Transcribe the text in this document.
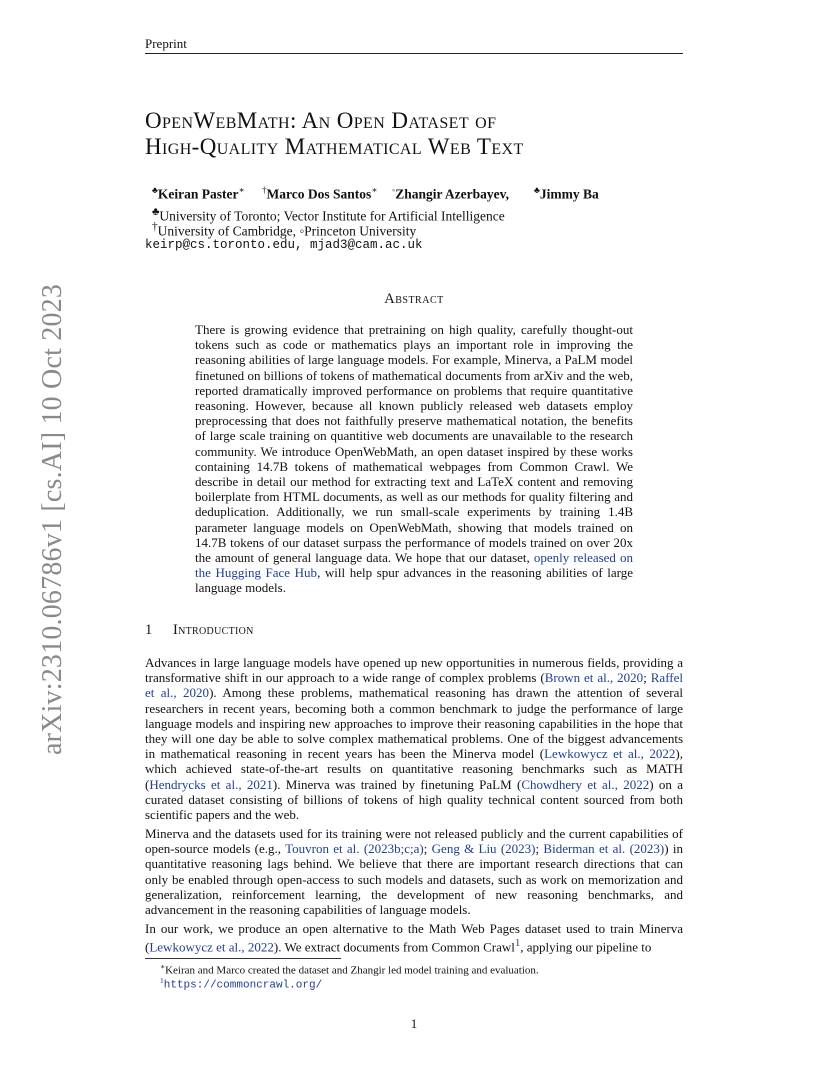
Preprint
arXiv:2310.06786v1 [cs.AI] 10 Oct 2023
OpenWebMath: An Open Dataset of
High-Quality Mathematical Web Text
♣Keiran Paster∗ †Marco Dos Santos∗ ◦Zhangir Azerbayev,	♣Jimmy Ba
♣University of Toronto; Vector Institute for Artificial Intelligence
†University of Cambridge, ◦Princeton University
keirp@cs.toronto.edu, mjad3@cam.ac.uk
Abstract
There is growing evidence that pretraining on high quality, carefully thought-out tokens such as code or mathematics plays an important role in improving the reasoning abilities of large language models. For example, Minerva, a PaLM model finetuned on billions of tokens of mathematical documents from arXiv and the web, reported dramatically improved performance on problems that require quantitative reasoning. However, because all known publicly released web datasets employ preprocessing that does not faithfully preserve mathematical notation, the benefits of large scale training on quantitive web documents are unavailable to the research community. We introduce OpenWebMath, an open dataset inspired by these works containing 14.7B tokens of mathematical webpages from Common Crawl. We describe in detail our method for extracting text and LaTeX content and removing boilerplate from HTML documents, as well as our methods for quality filtering and deduplication. Additionally, we run small-scale experiments by training 1.4B parameter language models on OpenWebMath, showing that models trained on 14.7B tokens of our dataset surpass the performance of models trained on over 20x the amount of general language data. We hope that our dataset, openly released on the Hugging Face Hub, will help spur advances in the reasoning abilities of large language models.
1 Introduction
Advances in large language models have opened up new opportunities in numerous fields, providing a transformative shift in our approach to a wide range of complex problems (Brown et al., 2020; Raffel et al., 2020). Among these problems, mathematical reasoning has drawn the attention of several researchers in recent years, becoming both a common benchmark to judge the performance of large language models and inspiring new approaches to improve their reasoning capabilities in the hope that they will one day be able to solve complex mathematical problems. One of the biggest advancements in mathematical reasoning in recent years has been the Minerva model (Lewkowycz et al., 2022), which achieved state-of-the-art results on quantitative reasoning benchmarks such as MATH (Hendrycks et al., 2021). Minerva was trained by finetuning PaLM (Chowdhery et al., 2022) on a curated dataset consisting of billions of tokens of high quality technical content sourced from both scientific papers and the web.
Minerva and the datasets used for its training were not released publicly and the current capabilities of open-source models (e.g., Touvron et al. (2023b;c;a); Geng & Liu (2023); Biderman et al. (2023)) in quantitative reasoning lags behind. We believe that there are important research directions that can only be enabled through open-access to such models and datasets, such as work on memorization and generalization, reinforcement learning, the development of new reasoning benchmarks, and advancement in the reasoning capabilities of language models.
In our work, we produce an open alternative to the Math Web Pages dataset used to train Minerva (Lewkowycz et al., 2022). We extract documents from Common Crawl$^1$, applying our pipeline to
∗Keiran and Marco created the dataset and Zhangir led model training and evaluation.
$^1$https://commoncrawl.org/
1
